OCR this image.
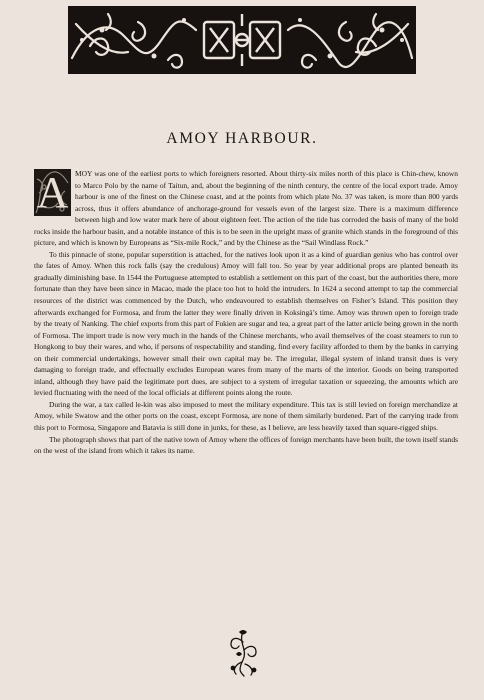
AMOY HARBOUR.

A MOY was one of the earliest ports to which foreigners resorted. About thirty-six miles north of this place is Chin-chew, known to Marco Polo by the name of Taitun, and, about the beginning of the ninth century, the centre of the local export trade. Amoy harbour is one of the finest on the Chinese coast, and at the points from which plate No. 37 was taken, is more than 800 yards across, thus it offers abundance of anchorage-ground for vessels even of the largest size. There is a maximum difference between high and low water mark here of about eighteen feet. The action of the tide has corroded the basis of many of the bold rocks inside the harbour basin, and a notable instance of this is to be seen in the upright mass of granite which stands in the foreground of this picture, and which is known by Europeans as “Six-mile Rock,” and by the Chinese as the “Sail Windlass Rock.”

To this pinnacle of stone, popular superstition is attached, for the natives look upon it as a kind of guardian genius who has control over the fates of Amoy. When this rock falls (say the credulous) Amoy will fall too. So year by year additional props are planted beneath its gradually diminishing base. In 1544 the Portuguese attempted to establish a settlement on this part of the coast, but the authorities there, more fortunate than they have been since in Macao, made the place too hot to hold the intruders. In 1624 a second attempt to tap the commercial resources of the district was commenced by the Dutch, who endeavoured to establish themselves on Fisher’s Island. This position they afterwards exchanged for Formosa, and from the latter they were finally driven in Koksingä’s time. Amoy was thrown open to foreign trade by the treaty of Nanking. The chief exports from this part of Fukien are sugar and tea, a great part of the latter article being grown in the north of Formosa. The import trade is now very much in the hands of the Chinese merchants, who avail themselves of the coast steamers to run to Hongkong to buy their wares, and who, if persons of respectability and standing, find every facility afforded to them by the banks in carrying on their commercial undertakings, however small their own capital may be. The irregular, illegal system of inland transit dues is very damaging to foreign trade, and effectually excludes European wares from many of the marts of the interior. Goods on being transported inland, although they have paid the legitimate port dues, are subject to a system of irregular taxation or squeezing, the amounts which are levied fluctuating with the need of the local officials at different points along the route.

During the war, a tax called le-kin was also imposed to meet the military expenditure. This tax is still levied on foreign merchandize at Amoy, while Swatow and the other ports on the coast, except Formosa, are none of them similarly burdened. Part of the carrying trade from this port to Formosa, Singapore and Batavia is still done in junks, for these, as I believe, are less heavily taxed than square-rigged ships.

The photograph shows that part of the native town of Amoy where the offices of foreign merchants have been built, the town itself stands on the west of the island from which it takes its name.
